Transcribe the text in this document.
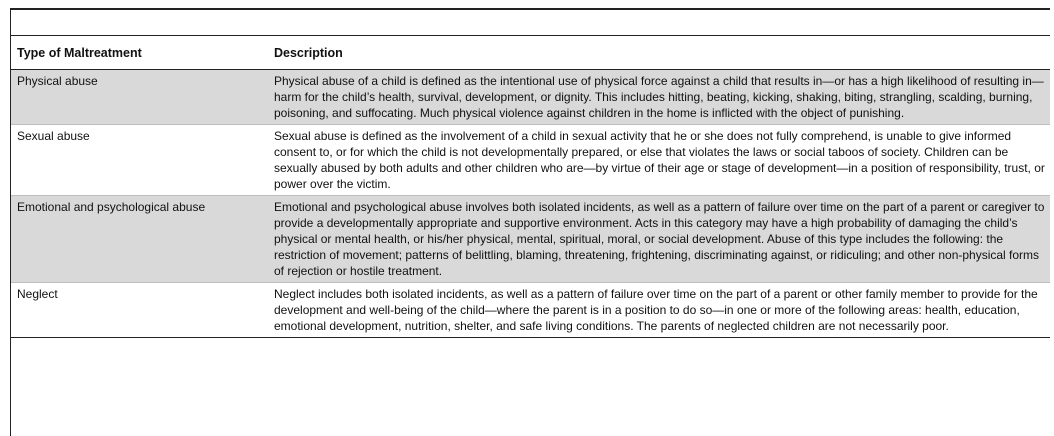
Type of Maltreatment	Description
Physical abuse	Physical abuse of a child is defined as the intentional use of physical force against a child that results in—or has a high likelihood of resulting in—harm for the child’s health, survival, development, or dignity. This includes hitting, beating, kicking, shaking, biting, strangling, scalding, burning, poisoning, and suffocating. Much physical violence against children in the home is inflicted with the object of punishing.
Sexual abuse	Sexual abuse is defined as the involvement of a child in sexual activity that he or she does not fully comprehend, is unable to give informed consent to, or for which the child is not developmentally prepared, or else that violates the laws or social taboos of society. Children can be sexually abused by both adults and other children who are—by virtue of their age or stage of development—in a position of responsibility, trust, or power over the victim.
Emotional and psychological abuse	Emotional and psychological abuse involves both isolated incidents, as well as a pattern of failure over time on the part of a parent or caregiver to provide a developmentally appropriate and supportive environment. Acts in this category may have a high probability of damaging the child’s physical or mental health, or his/her physical, mental, spiritual, moral, or social development. Abuse of this type includes the following: the restriction of movement; patterns of belittling, blaming, threatening, frightening, discriminating against, or ridiculing; and other non-physical forms of rejection or hostile treatment.
Neglect	Neglect includes both isolated incidents, as well as a pattern of failure over time on the part of a parent or other family member to provide for the development and well-being of the child—where the parent is in a position to do so—in one or more of the following areas: health, education, emotional development, nutrition, shelter, and safe living conditions. The parents of neglected children are not necessarily poor.
